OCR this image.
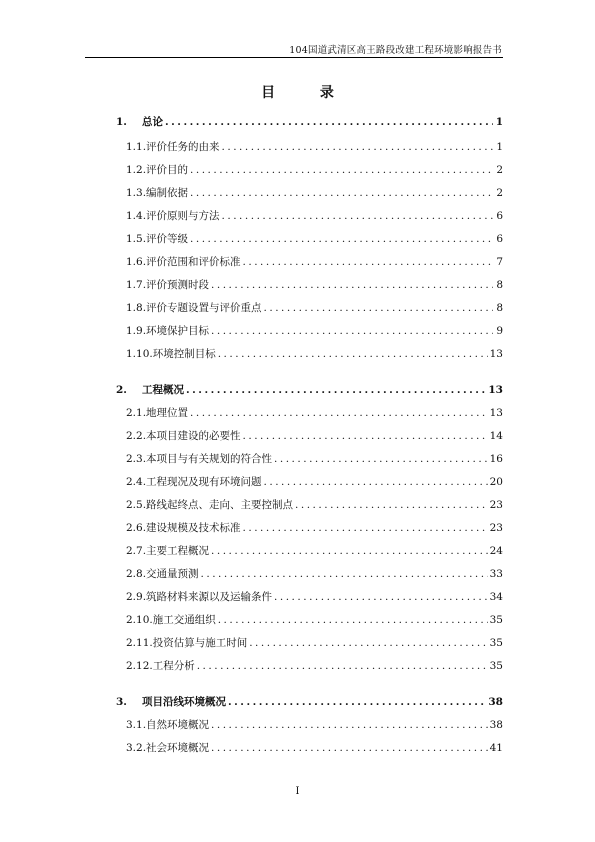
104国道武清区高王路段改建工程环境影响报告书
目 录
1.	总论 .....	1
1.1. 评价任务的由来 .....	1
1.2. 评价目的 .....	2
1.3. 编制依据 .....	2
1.4. 评价原则与方法 .....	6
1.5. 评价等级 .....	6
1.6. 评价范围和评价标准 .....	7
1.7. 评价预测时段 .....	8
1.8. 评价专题设置与评价重点 .....	8
1.9. 环境保护目标 .....	9
1.10. 环境控制目标 .....	13
2.	工程概况 .....	13
2.1. 地理位置 .....	13
2.2. 本项目建设的必要性 .....	14
2.3. 本项目与有关规划的符合性 .....	16
2.4. 工程现况及现有环境问题 .....	20
2.5. 路线起终点、走向、主要控制点 .....	23
2.6. 建设规模及技术标准 .....	23
2.7. 主要工程概况 .....	24
2.8. 交通量预测 .....	33
2.9. 筑路材料来源以及运输条件 .....	34
2.10. 施工交通组织 .....	35
2.11. 投资估算与施工时间 .....	35
2.12. 工程分析 .....	35
3.	项目沿线环境概况 .....	38
3.1. 自然环境概况 .....	38
3.2. 社会环境概况 .....	41
I
